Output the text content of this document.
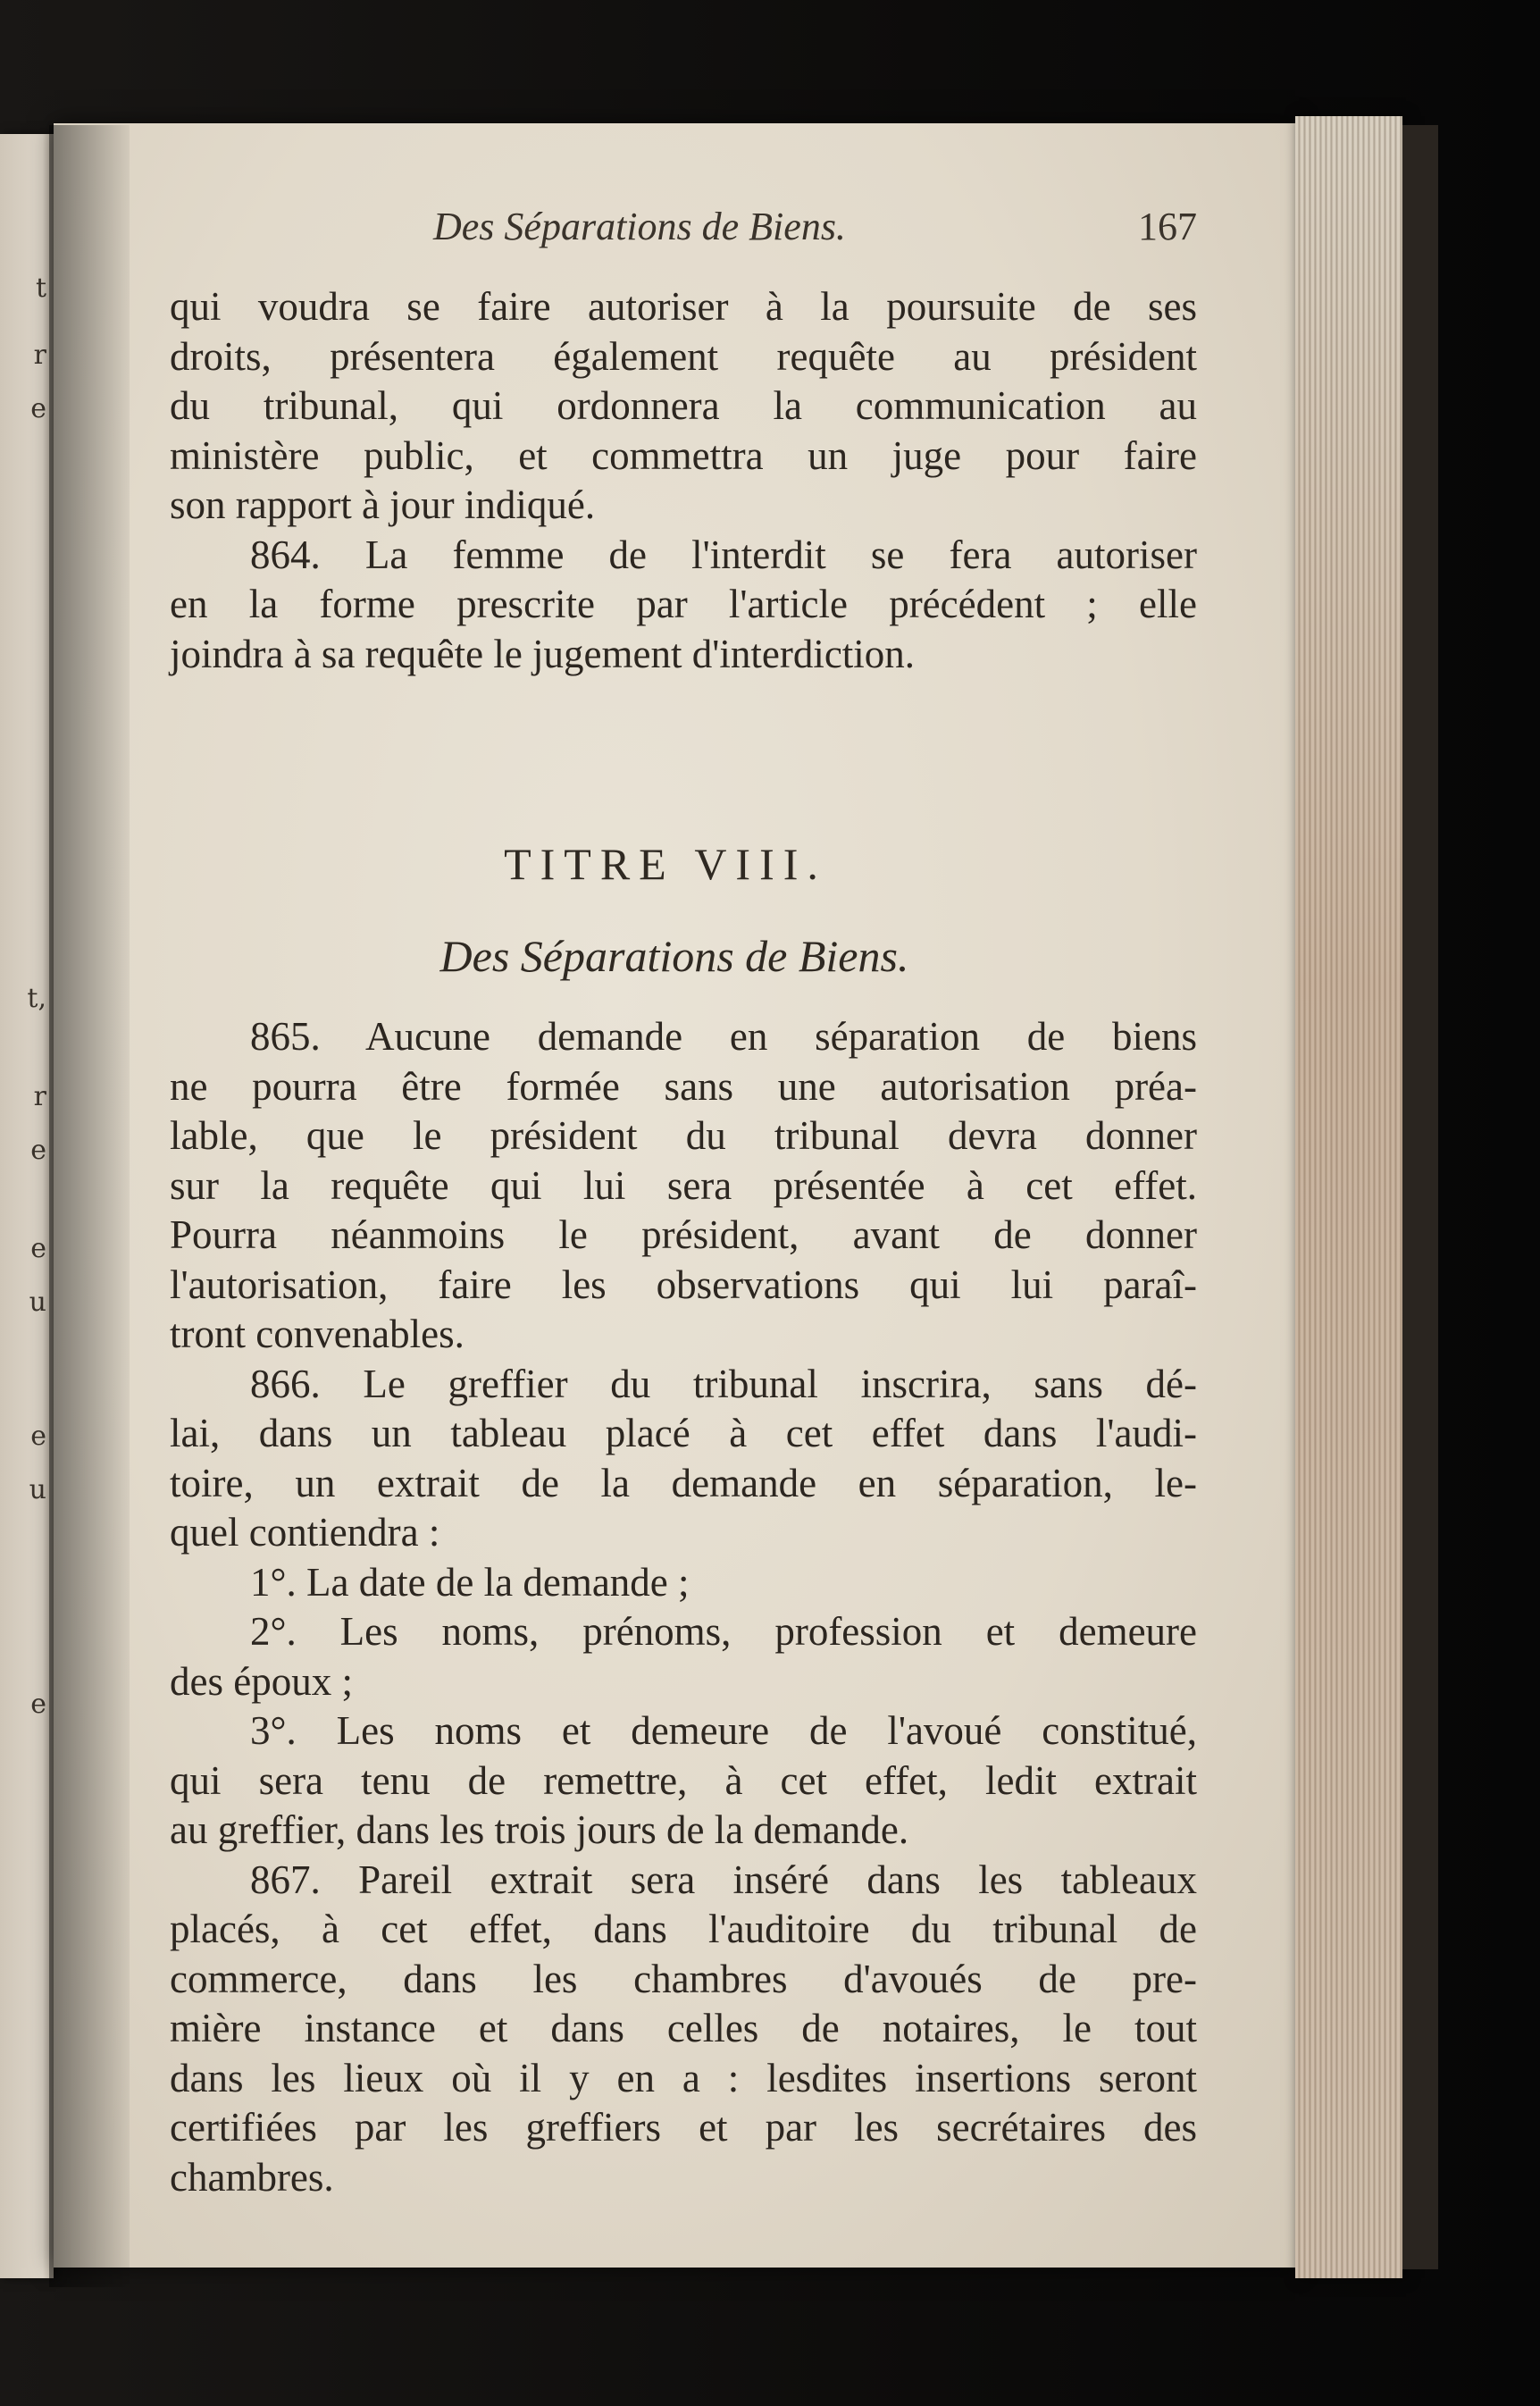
t
r
e
t,
r
e
e
u
e
u
e
Des Séparations de Biens.	167
qui voudra se faire autoriser à la poursuite de ses
droits, présentera également requête au président
du tribunal, qui ordonnera la communication au
ministère public, et commettra un juge pour faire
son rapport à jour indiqué.
864. La femme de l'interdit se fera autoriser
en la forme prescrite par l'article précédent ; elle
joindra à sa requête le jugement d'interdiction.
TITRE VIII.
Des Séparations de Biens.
865. Aucune demande en séparation de biens
ne pourra être formée sans une autorisation préa-
lable, que le président du tribunal devra donner
sur la requête qui lui sera présentée à cet effet.
Pourra néanmoins le président, avant de donner
l'autorisation, faire les observations qui lui paraî-
tront convenables.
866. Le greffier du tribunal inscrira, sans dé-
lai, dans un tableau placé à cet effet dans l'audi-
toire, un extrait de la demande en séparation, le-
quel contiendra :
1°. La date de la demande ;
2°. Les noms, prénoms, profession et demeure
des époux ;
3°. Les noms et demeure de l'avoué constitué,
qui sera tenu de remettre, à cet effet, ledit extrait
au greffier, dans les trois jours de la demande.
867. Pareil extrait sera inséré dans les tableaux
placés, à cet effet, dans l'auditoire du tribunal de
commerce, dans les chambres d'avoués de pre-
mière instance et dans celles de notaires, le tout
dans les lieux où il y en a : lesdites insertions seront
certifiées par les greffiers et par les secrétaires des
chambres.
